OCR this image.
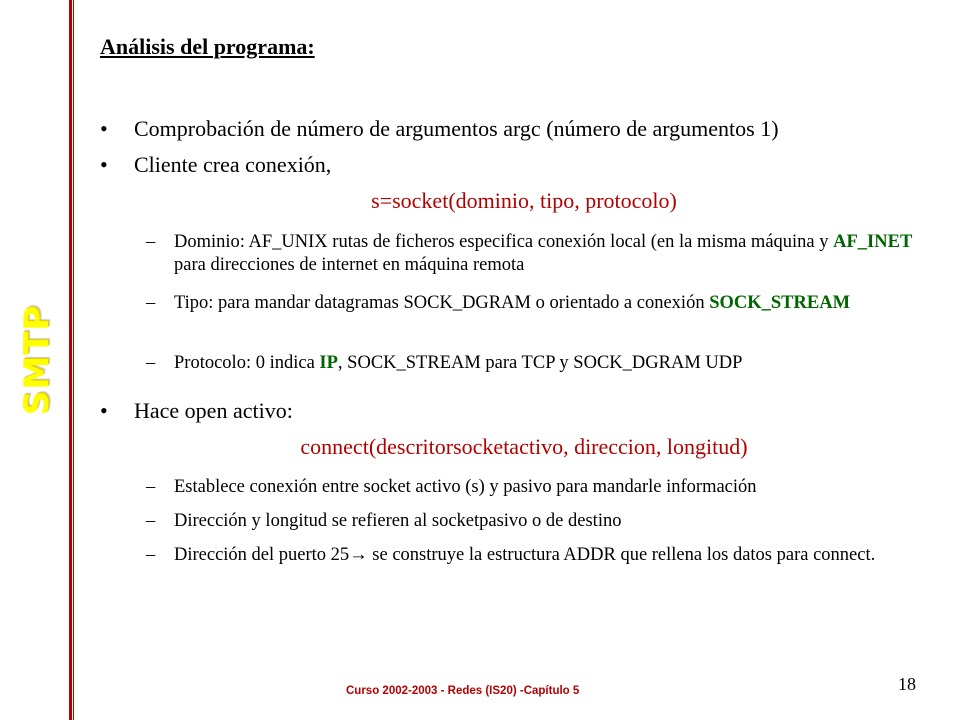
SMTP
Análisis del programa:
• Comprobación de número de argumentos argc (número de argumentos 1)
• Cliente crea conexión,
s=socket(dominio, tipo, protocolo)
– Dominio: AF_UNIX rutas de ficheros especifica conexión local (en la misma máquina y AF_INET para direcciones de internet en máquina remota
– Tipo: para mandar datagramas SOCK_DGRAM o orientado a conexión SOCK_STREAM
– Protocolo: 0 indica IP, SOCK_STREAM para TCP y SOCK_DGRAM UDP
• Hace open activo:
connect(descritorsocketactivo, direccion, longitud)
– Establece conexión entre socket activo (s) y pasivo para mandarle información
– Dirección y longitud se refieren al socketpasivo o de destino
– Dirección del puerto 25→ se construye la estructura ADDR que rellena los datos para connect.
Curso 2002-2003 - Redes (IS20) -Capítulo 5	18
